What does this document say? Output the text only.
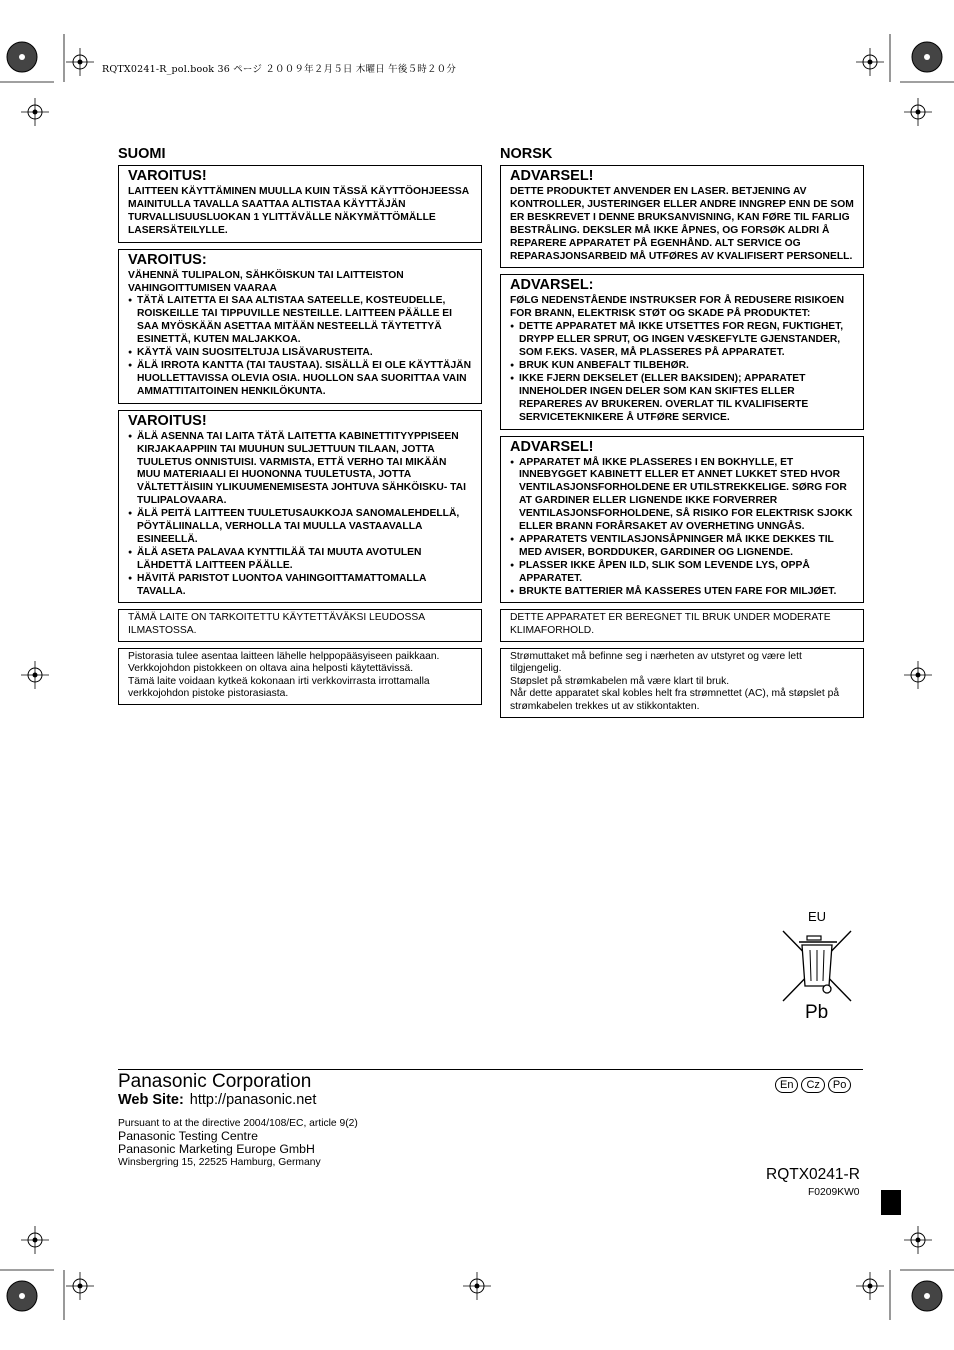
RQTX0241-R_pol.book 36 ページ ２００９年２月５日 木曜日 午後５時２０分
SUOMI
VAROITUS!
LAITTEEN KÄYTTÄMINEN MUULLA KUIN TÄSSÄ KÄYTTÖOHJEESSA MAINITULLA TAVALLA SAATTAA ALTISTAA KÄYTTÄJÄN TURVALLISUUSLUOKAN 1 YLITTÄVÄLLE NÄKYMÄTTÖMÄLLE LASERSÄTEILYLLE.
VAROITUS:
VÄHENNÄ TULIPALON, SÄHKÖISKUN TAI LAITTEISTON VAHINGOITTUMISEN VAARAA
● TÄTÄ LAITETTA EI SAA ALTISTAA SATEELLE, KOSTEUDELLE, ROISKEILLE TAI TIPPUVILLE NESTEILLE. LAITTEEN PÄÄLLE EI SAA MYÖSKÄÄN ASETTAA MITÄÄN NESTEELLÄ TÄYTETTYÄ ESINETTÄ, KUTEN MALJAKKOA.
● KÄYTÄ VAIN SUOSITELTUJA LISÄVARUSTEITA.
● ÄLÄ IRROTA KANTTA (TAI TAUSTAA). SISÄLLÄ EI OLE KÄYTTÄJÄN HUOLLETTAVISSA OLEVIA OSIA. HUOLLON SAA SUORITTAA VAIN AMMATTITAITOINEN HENKILÖKUNTA.
VAROITUS!
● ÄLÄ ASENNA TAI LAITA TÄTÄ LAITETTA KABINETTITYYPPISEEN KIRJAKAAPPIIN TAI MUUHUN SULJETTUUN TILAAN, JOTTA TUULETUS ONNISTUISI. VARMISTA, ETTÄ VERHO TAI MIKÄÄN MUU MATERIAALI EI HUONONNA TUULETUSTA, JOTTA VÄLTETTÄISIIN YLIKUUMENEMISESTA JOHTUVA SÄHKÖISKU- TAI TULIPALOVAARA.
● ÄLÄ PEITÄ LAITTEEN TUULETUSAUKKOJA SANOMALEHDELLÄ, PÖYTÄLIINALLA, VERHOLLA TAI MUULLA VASTAAVALLA ESINEELLÄ.
● ÄLÄ ASETA PALAVAA KYNTTILÄÄ TAI MUUTA AVOTULEN LÄHDETTÄ LAITTEEN PÄÄLLE.
● HÄVITÄ PARISTOT LUONTOA VAHINGOITTAMATTOMALLA TAVALLA.
TÄMÄ LAITE ON TARKOITETTU KÄYTETTÄVÄKSI LEUDOSSA ILMASTOSSA.
Pistorasia tulee asentaa laitteen lähelle helppopääsyiseen paikkaan.
Verkkojohdon pistokkeen on oltava aina helposti käytettävissä.
Tämä laite voidaan kytkeä kokonaan irti verkkovirrasta irrottamalla verkkojohdon pistoke pistorasiasta.
NORSK
ADVARSEL!
DETTE PRODUKTET ANVENDER EN LASER. BETJENING AV KONTROLLER, JUSTERINGER ELLER ANDRE INNGREP ENN DE SOM ER BESKREVET I DENNE BRUKSANVISNING, KAN FØRE TIL FARLIG BESTRÅLING. DEKSLER MÅ IKKE ÅPNES, OG FORSØK ALDRI Å REPARERE APPARATET PÅ EGENHÅND. ALT SERVICE OG REPARASJONSARBEID MÅ UTFØRES AV KVALIFISERT PERSONELL.
ADVARSEL:
FØLG NEDENSTÅENDE INSTRUKSER FOR Å REDUSERE RISIKOEN FOR BRANN, ELEKTRISK STØT OG SKADE PÅ PRODUKTET:
● DETTE APPARATET MÅ IKKE UTSETTES FOR REGN, FUKTIGHET, DRYPP ELLER SPRUT, OG INGEN VÆSKEFYLTE GJENSTANDER, SOM F.EKS. VASER, MÅ PLASSERES PÅ APPARATET.
● BRUK KUN ANBEFALT TILBEHØR.
● IKKE FJERN DEKSELET (ELLER BAKSIDEN); APPARATET INNEHOLDER INGEN DELER SOM KAN SKIFTES ELLER REPARERES AV BRUKEREN. OVERLAT TIL KVALIFISERTE SERVICETEKNIKERE Å UTFØRE SERVICE.
ADVARSEL!
● APPARATET MÅ IKKE PLASSERES I EN BOKHYLLE, ET INNEBYGGET KABINETT ELLER ET ANNET LUKKET STED HVOR VENTILASJONSFORHOLDENE ER UTILSTREKKELIGE. SØRG FOR AT GARDINER ELLER LIGNENDE IKKE FORVERRER VENTILASJONSFORHOLDENE, SÅ RISIKO FOR ELEKTRISK SJOKK ELLER BRANN FORÅRSAKET AV OVERHETING UNNGÅS.
● APPARATETS VENTILASJONSÅPNINGER MÅ IKKE DEKKES TIL MED AVISER, BORDDUKER, GARDINER OG LIGNENDE.
● PLASSER IKKE ÅPEN ILD, SLIK SOM LEVENDE LYS, OPPÅ APPARATET.
● BRUKTE BATTERIER MÅ KASSERES UTEN FARE FOR MILJØET.
DETTE APPARATET ER BEREGNET TIL BRUK UNDER MODERATE KLIMAFORHOLD.
Strømuttaket må befinne seg i nærheten av utstyret og være lett tilgjengelig.
Støpslet på strømkabelen må være klart til bruk.
Når dette apparatet skal kobles helt fra strømnettet (AC), må støpslet på strømkabelen trekkes ut av stikkontakten.
EU
Pb
Panasonic Corporation
Web Site: http://panasonic.net
En	Cz	Po
Pursuant to at the directive 2004/108/EC, article 9(2)
Panasonic Testing Centre
Panasonic Marketing Europe GmbH
Winsbergring 15, 22525 Hamburg, Germany
RQTX0241-R
F0209KW0
